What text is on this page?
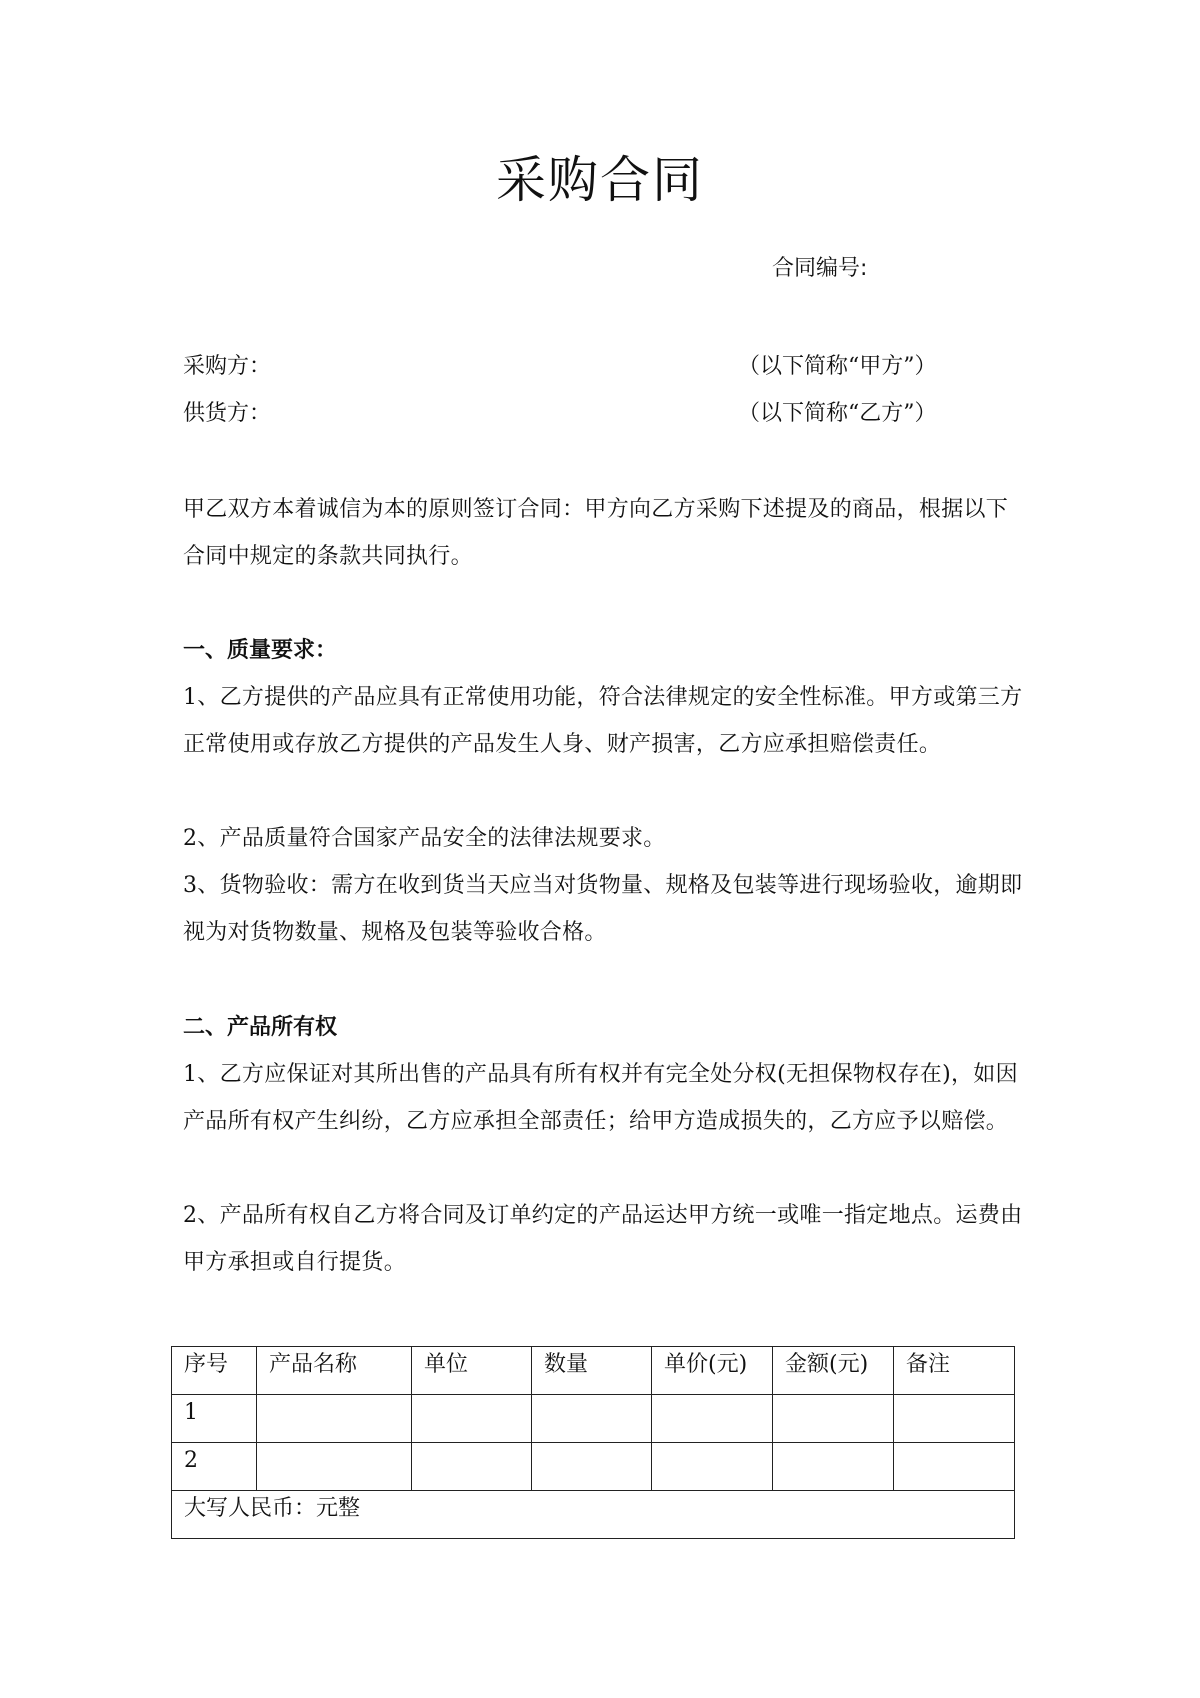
采购合同
合同编号:
采购方：	（以下简称“甲方”）
供货方：	（以下简称“乙方”）
甲乙双方本着诚信为本的原则签订合同：甲方向乙方采购下述提及的商品，根据以下合同中规定的条款共同执行。
一、质量要求：
1、乙方提供的产品应具有正常使用功能，符合法律规定的安全性标准。甲方或第三方正常使用或存放乙方提供的产品发生人身、财产损害，乙方应承担赔偿责任。
2、产品质量符合国家产品安全的法律法规要求。
3、货物验收：需方在收到货当天应当对货物量、规格及包装等进行现场验收，逾期即视为对货物数量、规格及包装等验收合格。
二、产品所有权
1、乙方应保证对其所出售的产品具有所有权并有完全处分权(无担保物权存在)，如因产品所有权产生纠纷，乙方应承担全部责任；给甲方造成损失的，乙方应予以赔偿。
2、产品所有权自乙方将合同及订单约定的产品运达甲方统一或唯一指定地点。运费由甲方承担或自行提货。
序号	产品名称	单位	数量	单价(元)	金额(元)	备注
1						
2						
大写人民币：元整						
